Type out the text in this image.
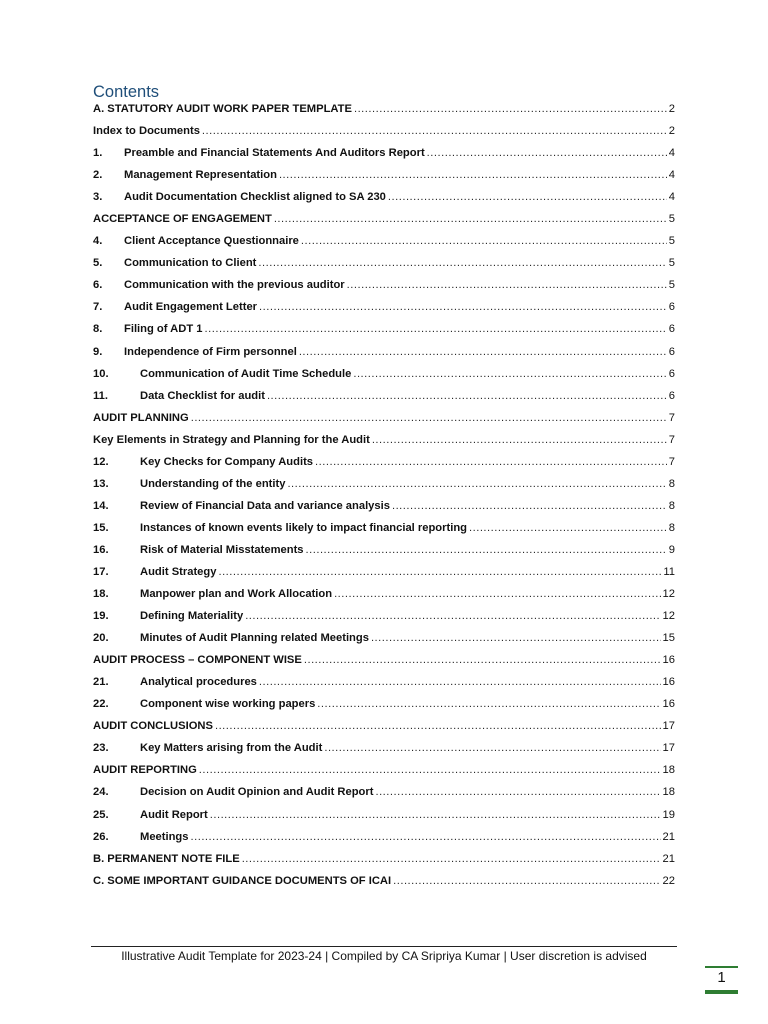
Contents
A. STATUTORY AUDIT WORK PAPER TEMPLATE .....	2
Index to Documents .....	2
1.	Preamble and Financial Statements And Auditors Report .....	4
2.	Management Representation .....	4
3.	Audit Documentation Checklist aligned to SA 230 .....	4
ACCEPTANCE OF ENGAGEMENT .....	5
4.	Client Acceptance Questionnaire .....	5
5.	Communication to Client .....	5
6.	Communication with the previous auditor .....	5
7.	Audit Engagement Letter .....	6
8.	Filing of ADT 1 .....	6
9.	Independence of Firm personnel .....	6
10.	Communication of Audit Time Schedule .....	6
11.	Data Checklist for audit .....	6
AUDIT PLANNING .....	7
Key Elements in Strategy and Planning for the Audit .....	7
12.	Key Checks for Company Audits .....	7
13.	Understanding of the entity .....	8
14.	Review of Financial Data and variance analysis .....	8
15.	Instances of known events likely to impact financial reporting .....	8
16.	Risk of Material Misstatements .....	9
17.	Audit Strategy .....	11
18.	Manpower plan and Work Allocation .....	12
19.	Defining Materiality .....	12
20.	Minutes of Audit Planning related Meetings .....	15
AUDIT PROCESS – COMPONENT WISE .....	16
21.	Analytical procedures .....	16
22.	Component wise working papers .....	16
AUDIT CONCLUSIONS .....	17
23.	Key Matters arising from the Audit .....	17
AUDIT REPORTING .....	18
24.	Decision on Audit Opinion and Audit Report .....	18
25.	Audit Report .....	19
26.	Meetings .....	21
B. PERMANENT NOTE FILE .....	21
C. SOME IMPORTANT GUIDANCE DOCUMENTS OF ICAI .....	22
Illustrative Audit Template for 2023-24 | Compiled by CA Sripriya Kumar | User discretion is advised
1
